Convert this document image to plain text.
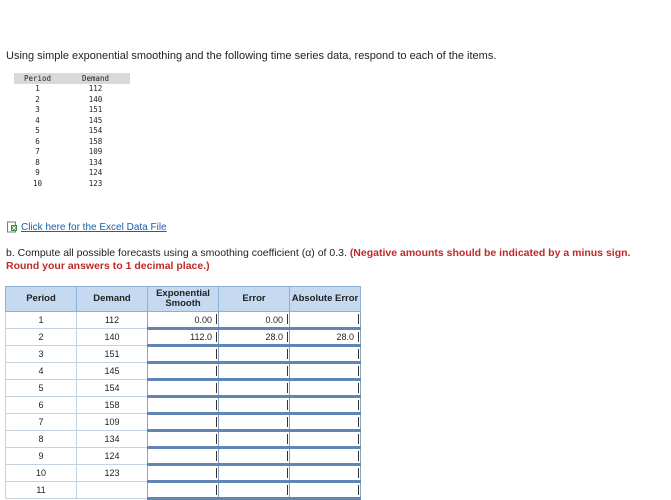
Using simple exponential smoothing and the following time series data, respond to each of the items.
Period	Demand
1	112
2	140
3	151
4	145
5	154
6	158
7	109
8	134
9	124
10	123
Click here for the Excel Data File
b. Compute all possible forecasts using a smoothing coefficient (α) of 0.3. (Negative amounts should be indicated by a minus sign. Round your answers to 1 decimal place.)
Period	Demand	Exponential Smooth	Error	Absolute Error
1	112	0.00	0.00	
2	140	112.0	28.0	28.0
3	151			
4	145			
5	154			
6	158			
7	109			
8	134			
9	124			
10	123			
11				
